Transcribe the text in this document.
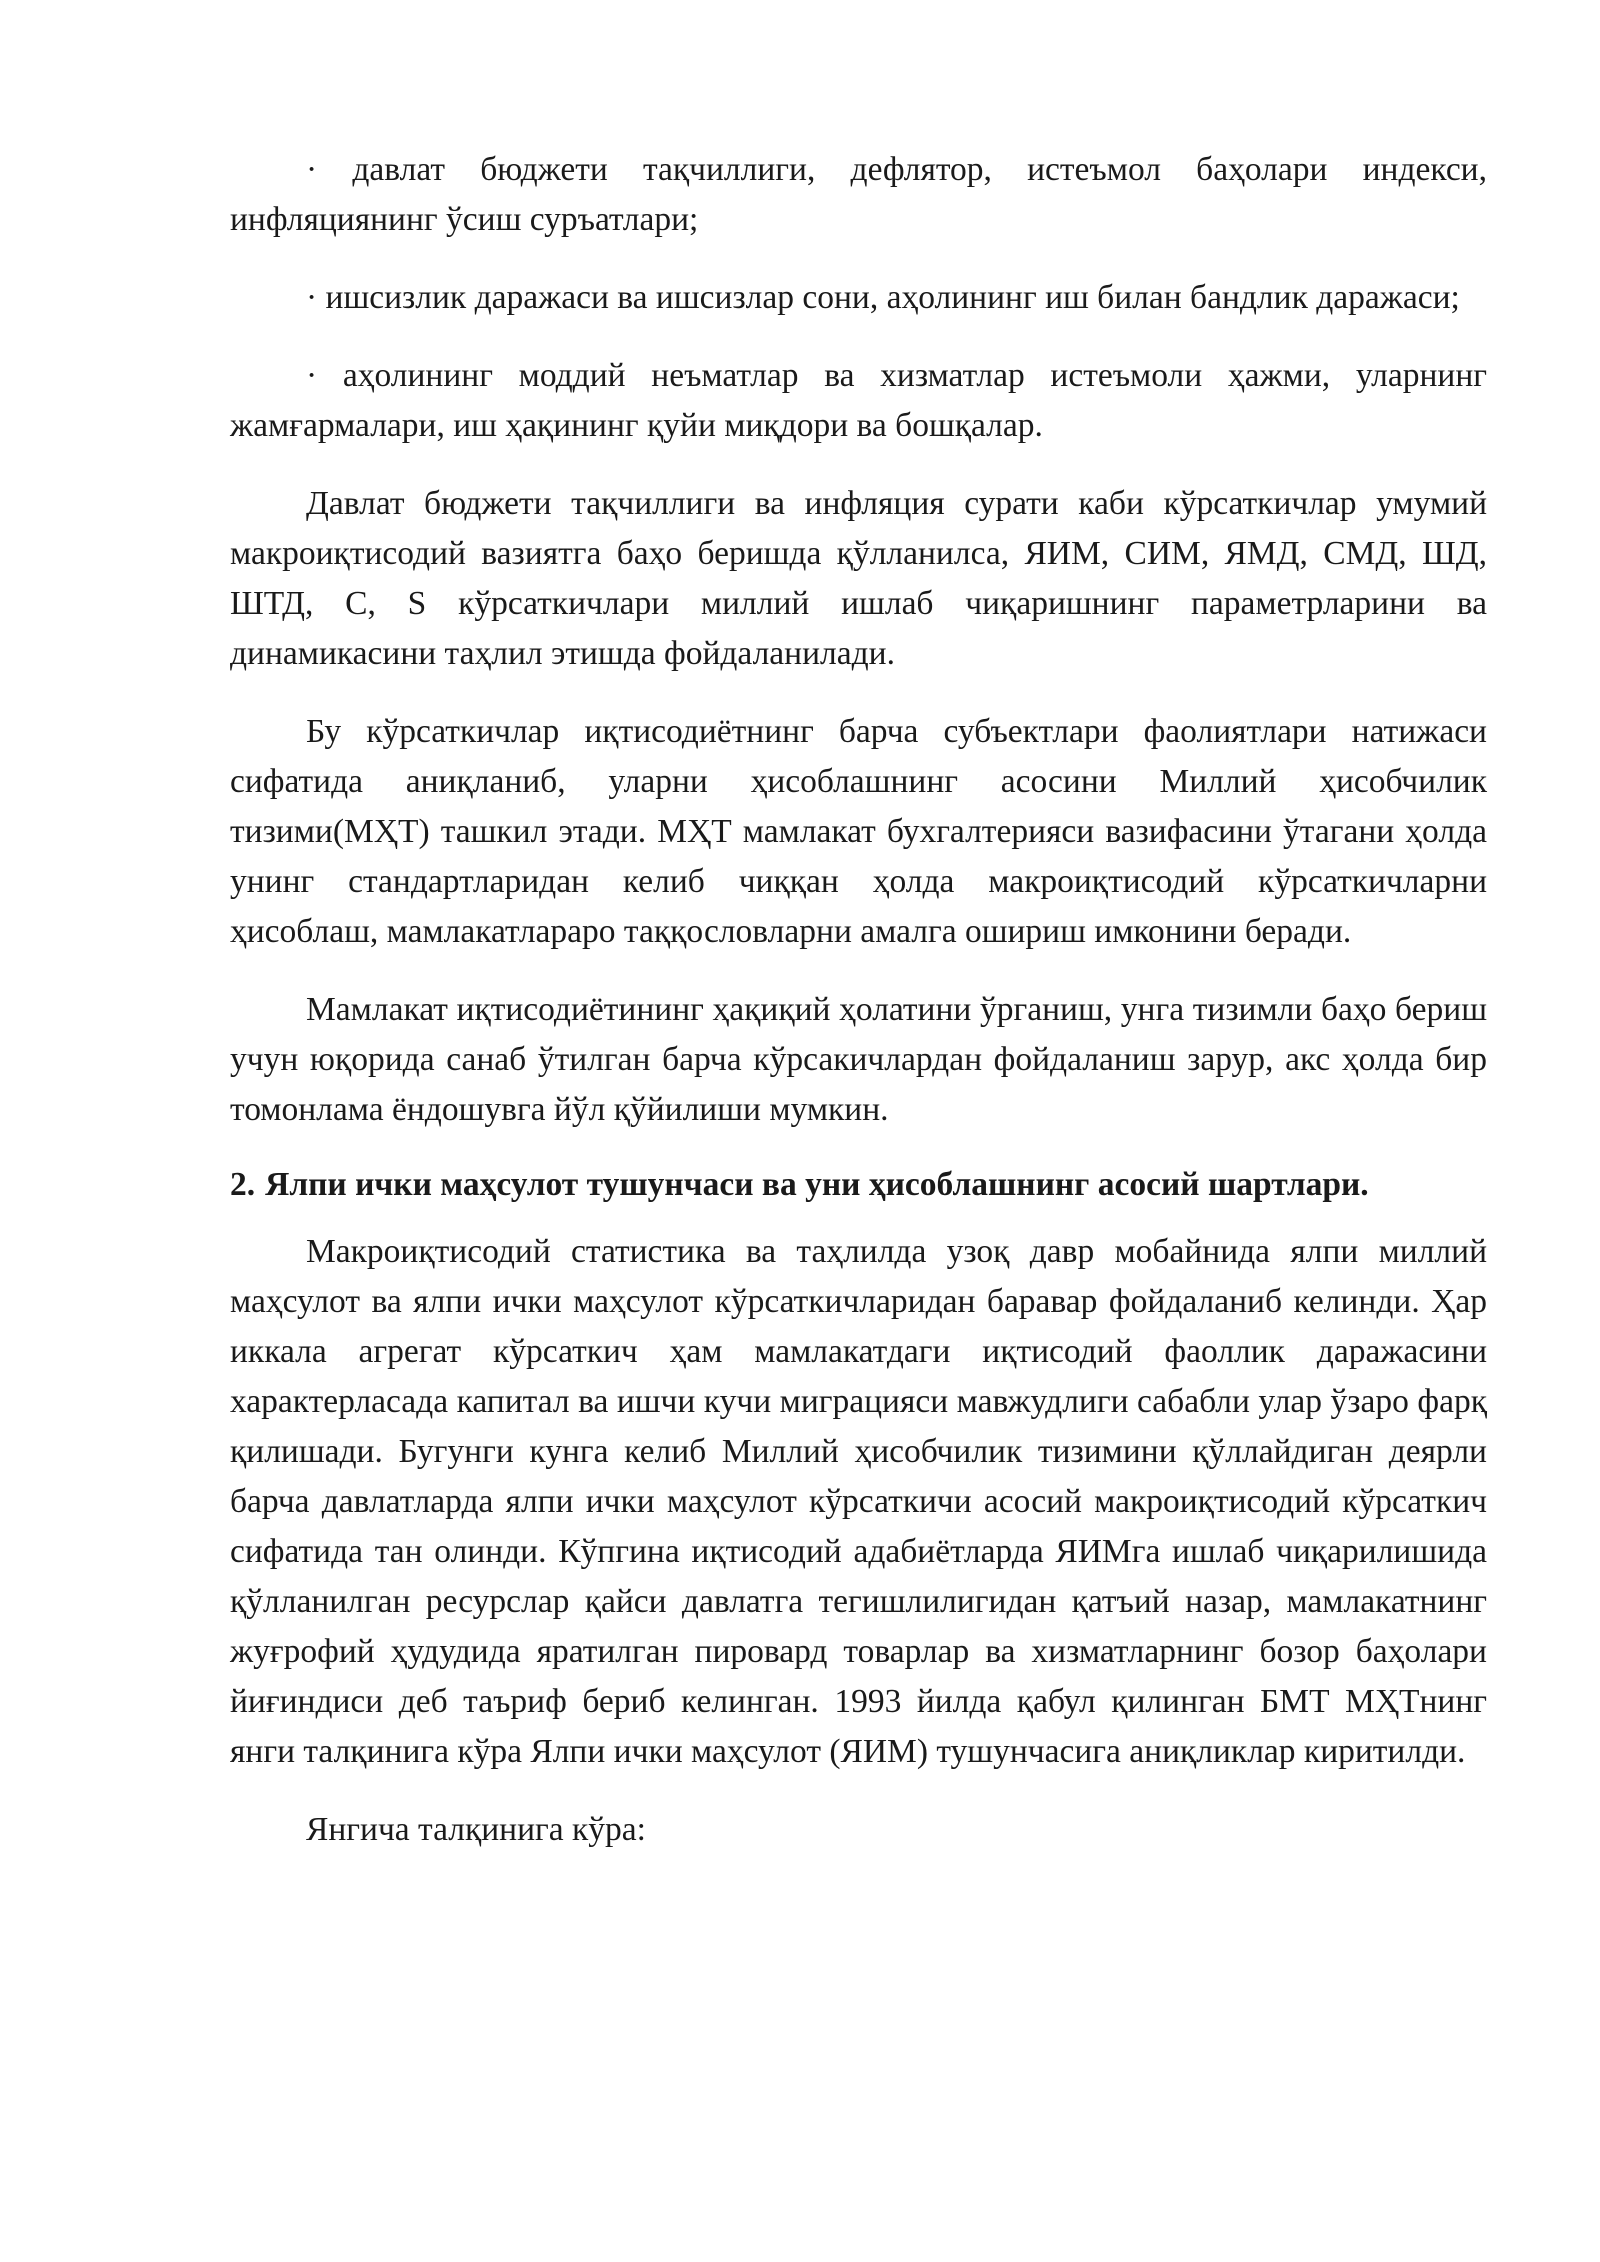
· давлат бюджети тақчиллиги, дефлятор, истеъмол баҳолари индекси, инфляциянинг ўсиш суръатлари;

· ишсизлик даражаси ва ишсизлар сони, аҳолининг иш билан бандлик даражаси;

· аҳолининг моддий неъматлар ва хизматлар истеъмоли ҳажми, уларнинг жамғармалари, иш ҳақининг қуйи миқдори ва бошқалар.

Давлат бюджети тақчиллиги ва инфляция сурати каби кўрсаткичлар умумий макроиқтисодий вазиятга баҳо беришда қўлланилса, ЯИМ, СИМ, ЯМД, СМД, ШД, ШТД, С, S кўрсаткичлари миллий ишлаб чиқаришнинг параметрларини ва динамикасини таҳлил этишда фойдаланилади.

Бу кўрсаткичлар иқтисодиётнинг барча субъектлари фаолиятлари натижаси сифатида аниқланиб, уларни ҳисоблашнинг асосини Миллий ҳисобчилик тизими(МҲТ) ташкил этади. МҲТ мамлакат бухгалтерияси вазифасини ўтагани ҳолда унинг стандартларидан келиб чиққан ҳолда макроиқтисодий кўрсаткичларни ҳисоблаш, мамлакатлараро таққословларни амалга ошириш имконини беради.

Мамлакат иқтисодиётининг ҳақиқий ҳолатини ўрганиш, унга тизимли баҳо бериш учун юқорида санаб ўтилган барча кўрсакичлардан фойдаланиш зарур, акс ҳолда бир томонлама ёндошувга йўл қўйилиши мумкин.

2. Ялпи ички маҳсулот тушунчаси ва уни ҳисоблашнинг асосий шартлари.

Макроиқтисодий статистика ва таҳлилда узоқ давр мобайнида ялпи миллий маҳсулот ва ялпи ички маҳсулот кўрсаткичларидан баравар фойдаланиб келинди. Ҳар иккала агрегат кўрсаткич ҳам мамлакатдаги иқтисодий фаоллик даражасини характерласада капитал ва ишчи кучи миграцияси мавжудлиги сабабли улар ўзаро фарқ қилишади. Бугунги кунга келиб Миллий ҳисобчилик тизимини қўллайдиган деярли барча давлатларда ялпи ички маҳсулот кўрсаткичи асосий макроиқтисодий кўрсаткич сифатида тан олинди. Кўпгина иқтисодий адабиётларда ЯИМга ишлаб чиқарилишида қўлланилган ресурслар қайси давлатга тегишлилигидан қатъий назар, мамлакатнинг жуғрофий ҳудудида яратилган пировард товарлар ва хизматларнинг бозор баҳолари йиғиндиси деб таъриф бериб келинган. 1993 йилда қабул қилинган БМТ МҲТнинг янги талқинига кўра Ялпи ички маҳсулот (ЯИМ) тушунчасига аниқликлар киритилди.

Янгича талқинига кўра:
